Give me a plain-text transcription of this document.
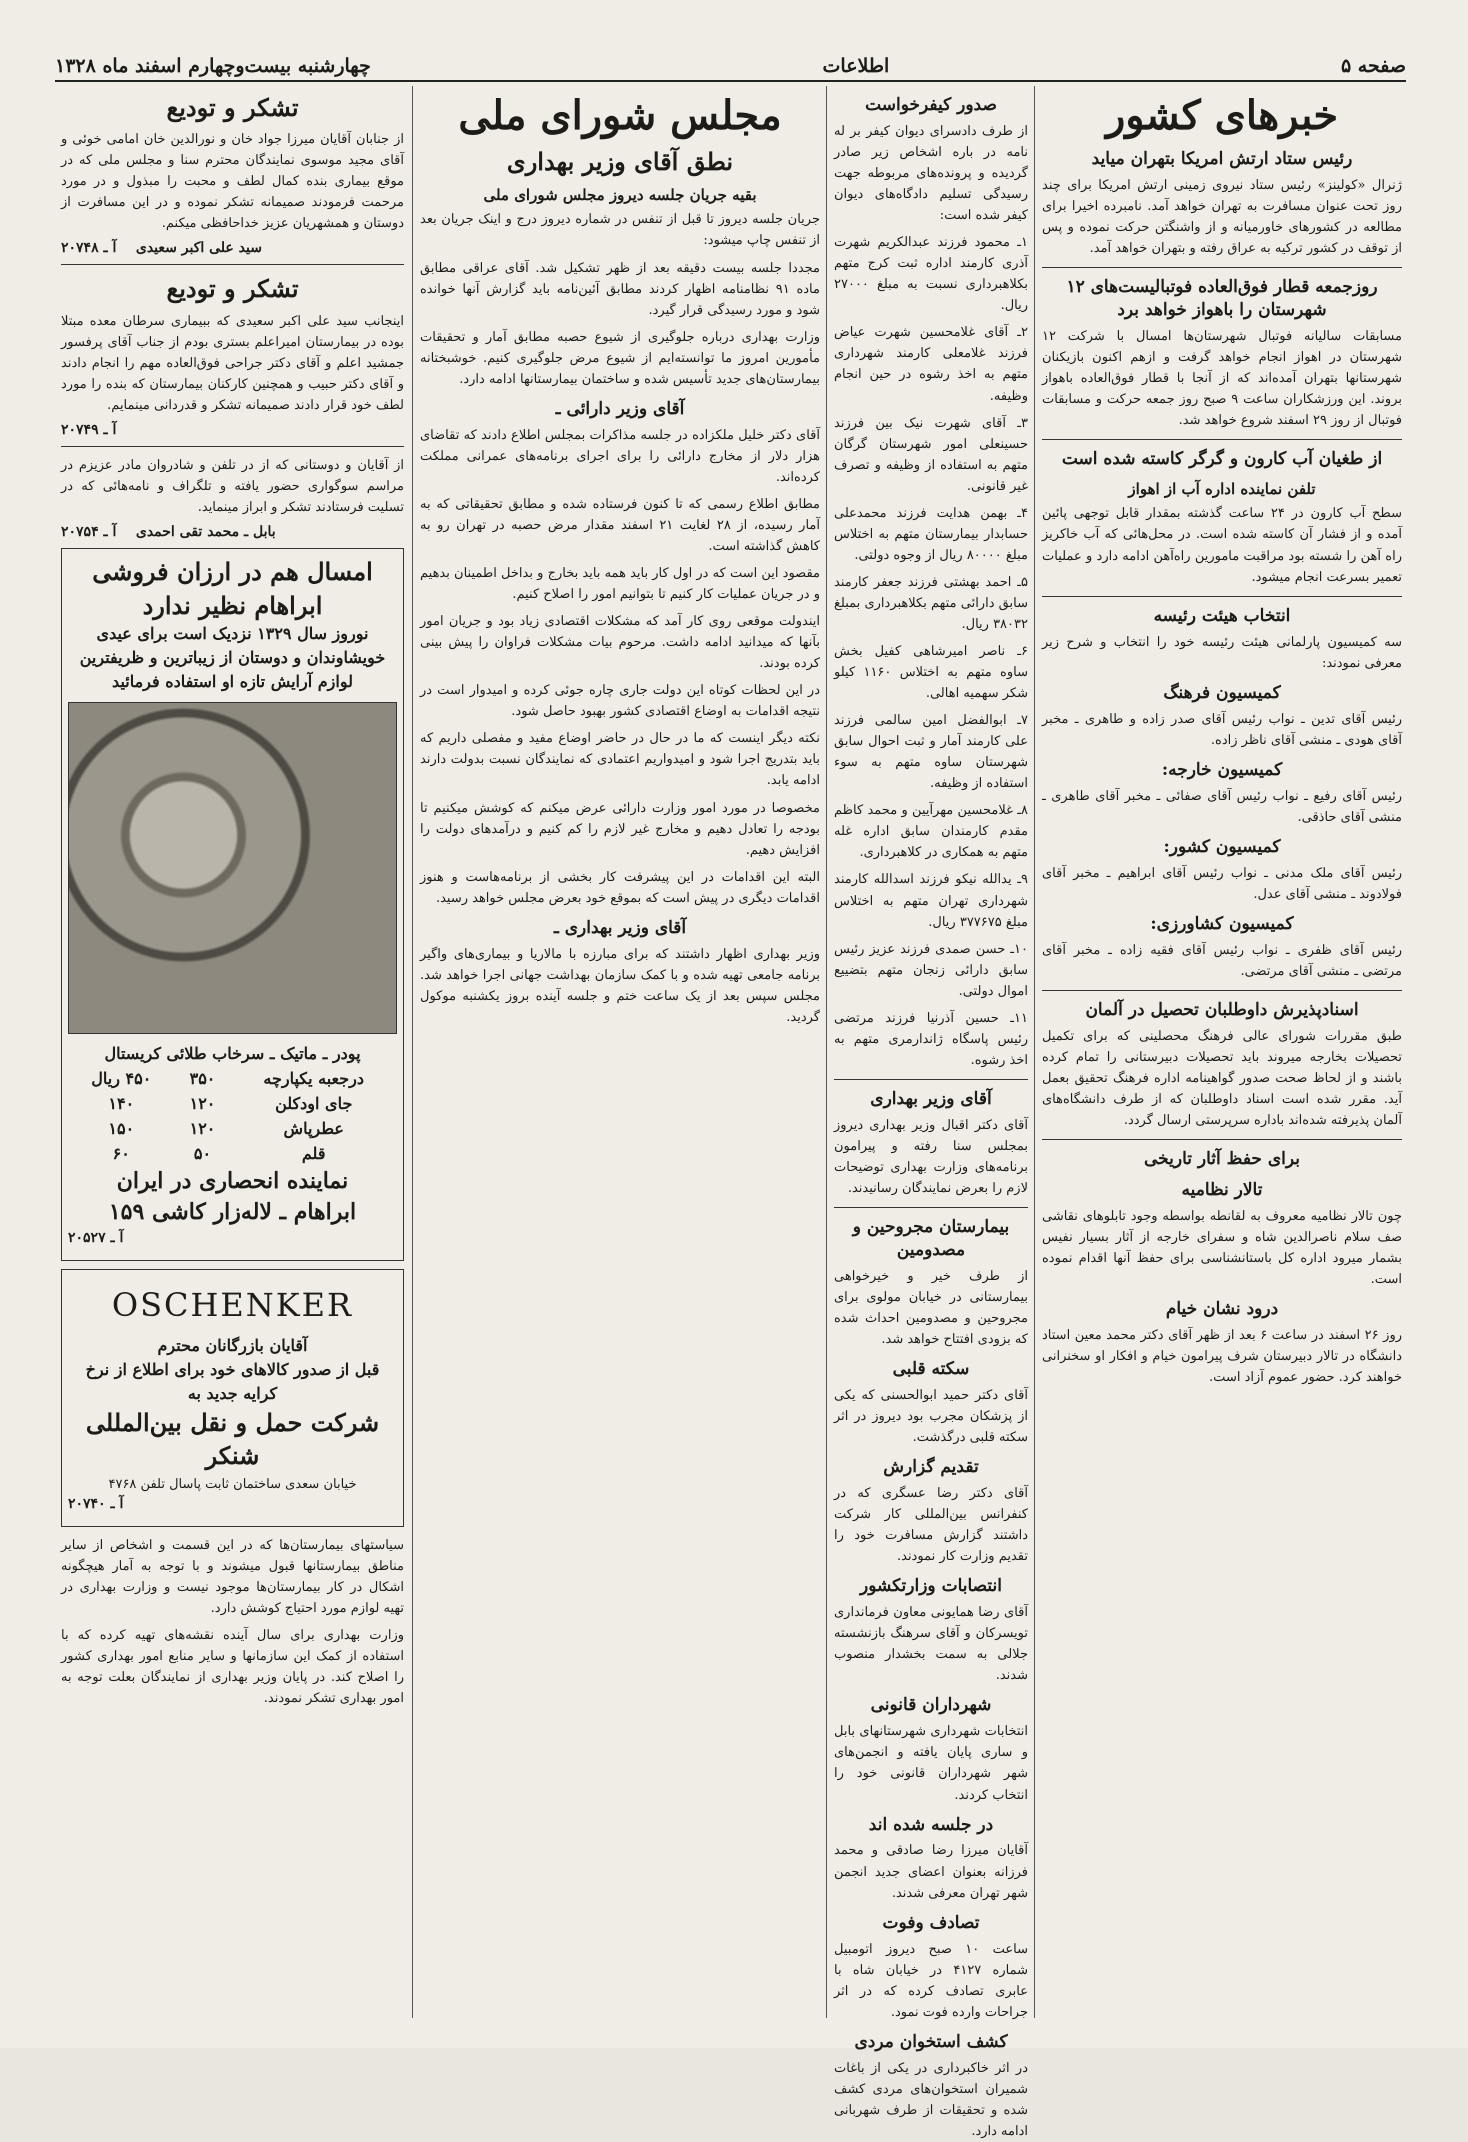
صفحه ۵
اطلاعات
چهارشنبه بیست‌وچهارم اسفند ماه ۱۳۲۸
خبرهای کشور
رئیس ستاد ارتش امریکا بتهران میاید

ژنرال «کولینز» رئیس ستاد نیروی زمینی ارتش امریکا برای چند روز تحت عنوان مسافرت به تهران خواهد آمد. نامبرده اخیرا برای مطالعه در کشورهای خاورمیانه و از واشنگتن حرکت نموده و پس از توقف در کشور ترکیه به عراق رفته و بتهران خواهد آمد.

روزجمعه قطار فوق‌العاده فوتبالیست‌های ۱۲ شهرستان را باهواز خواهد برد

مسابقات سالیانه فوتبال شهرستان‌ها امسال با شرکت ۱۲ شهرستان در اهواز انجام خواهد گرفت و ازهم اکنون بازیکنان شهرستانها بتهران آمده‌اند که از آنجا با قطار فوق‌العاده باهواز بروند. این ورزشکاران ساعت ۹ صبح روز جمعه حرکت و مسابقات فوتبال از روز ۲۹ اسفند شروع خواهد شد.

از طغیان آب کارون و گرگر کاسته شده است
تلفن نماینده اداره آب از اهواز

سطح آب کارون در ۲۴ ساعت گذشته بمقدار قابل توجهی پائین آمده و از فشار آن کاسته شده است. در محل‌هائی که آب خاکریز راه آهن را شسته بود مراقبت مامورین راه‌آهن ادامه دارد و عملیات تعمیر بسرعت انجام میشود.

انتخاب هیئت رئیسه

سه کمیسیون پارلمانی هیئت رئیسه خود را انتخاب و شرح زیر معرفی نمودند:

کمیسیون فرهنگ

رئیس آقای تدین ـ نواب رئیس آقای صدر زاده و طاهری ـ مخبر آقای هودی ـ منشی آقای ناظر زاده.

کمیسیون خارجه:

رئیس آقای رفیع ـ نواب رئیس آقای صفائی ـ مخبر آقای طاهری ـ منشی آقای حاذقی.

کمیسیون کشور:

رئیس آقای ملک مدنی ـ نواب رئیس آقای ابراهیم ـ مخبر آقای فولادوند ـ منشی آقای عدل.

کمیسیون کشاورزی:

رئیس آقای ظفری ـ نواب رئیس آقای فقیه زاده ـ مخبر آقای مرتضی ـ منشی آقای مرتضی.

اسنادپذیرش داوطلبان تحصیل در آلمان

طبق مقررات شورای عالی فرهنگ محصلینی که برای تکمیل تحصیلات بخارجه میروند باید تحصیلات دبیرستانی را تمام کرده باشند و از لحاظ صحت صدور گواهینامه اداره فرهنگ تحقیق بعمل آید. مقرر شده است اسناد داوطلبان که از طرف دانشگاه‌های آلمان پذیرفته شده‌اند باداره سرپرستی ارسال گردد.

برای حفظ آثار تاریخی
تالار نظامیه

چون تالار نظامیه معروف به لقانطه بواسطه وجود تابلوهای نقاشی صف سلام ناصرالدین شاه و سفرای خارجه از آثار بسیار نفیس بشمار میرود اداره کل باستانشناسی برای حفظ آنها اقدام نموده است.

درود نشان خیام

روز ۲۶ اسفند در ساعت ۶ بعد از ظهر آقای دکتر محمد معین استاد دانشگاه در تالار دبیرستان شرف پیرامون خیام و افکار او سخنرانی خواهند کرد. حضور عموم آزاد است.

صدور کیفرخواست

از طرف دادسرای دیوان کیفر بر له نامه در باره اشخاص زیر صادر گردیده و پرونده‌های مربوطه جهت رسیدگی تسلیم دادگاه‌های دیوان کیفر شده است:

۱ـ محمود فرزند عبدالکریم شهرت آذری کارمند اداره ثبت کرج متهم بکلاهبرداری نسبت به مبلغ ۲۷۰۰۰ ریال.

۲ـ آقای غلامحسین شهرت عیاض فرزند غلامعلی کارمند شهرداری متهم به اخذ رشوه در حین انجام وظیفه.

۳ـ آقای شهرت نیک بین فرزند حسینعلی امور شهرستان گرگان متهم به استفاده از وظیفه و تصرف غیر قانونی.

۴ـ بهمن هدایت فرزند محمدعلی حسابدار بیمارستان متهم به اختلاس مبلغ ۸۰۰۰۰ ریال از وجوه دولتی.

۵ـ احمد بهشتی فرزند جعفر کارمند سابق دارائی متهم بکلاهبرداری بمبلغ ۳۸۰۳۲ ریال.

۶ـ ناصر امیرشاهی کفیل بخش ساوه متهم به اختلاس ۱۱۶۰ کیلو شکر سهمیه اهالی.

۷ـ ابوالفضل امین سالمی فرزند علی کارمند آمار و ثبت احوال سابق شهرستان ساوه متهم به سوء استفاده از وظیفه.

۸ـ غلامحسین مهرآیین و محمد کاظم مقدم کارمندان سابق اداره غله متهم به همکاری در کلاهبرداری.

۹ـ یدالله نیکو فرزند اسدالله کارمند شهرداری تهران متهم به اختلاس مبلغ ۳۷۷۶۷۵ ریال.

۱۰ـ حسن صمدی فرزند عزیز رئیس سابق دارائی زنجان متهم بتضییع اموال دولتی.

۱۱ـ حسین آذرنیا فرزند مرتضی رئیس پاسگاه ژاندارمری متهم به اخذ رشوه.

آقای وزیر بهداری

آقای دکتر اقبال وزیر بهداری دیروز بمجلس سنا رفته و پیرامون برنامه‌های وزارت بهداری توضیحات لازم را بعرض نمایندگان رسانیدند.

بیمارستان مجروحین و مصدومین

از طرف خیر و خیرخواهی بیمارستانی در خیابان مولوی برای مجروحین و مصدومین احداث شده که بزودی افتتاح خواهد شد.

سکته قلبی

آقای دکتر حمید ابوالحسنی که یکی از پزشکان مجرب بود دیروز در اثر سکته قلبی درگذشت.

تقدیم گزارش

آقای دکتر رضا عسگری که در کنفرانس بین‌المللی کار شرکت داشتند گزارش مسافرت خود را تقدیم وزارت کار نمودند.

انتصابات وزارتکشور

آقای رضا همایونی معاون فرمانداری تویسرکان و آقای سرهنگ بازنشسته جلالی به سمت بخشدار منصوب شدند.

شهرداران قانونی

انتخابات شهرداری شهرستانهای بابل و ساری پایان یافته و انجمن‌های شهر شهرداران قانونی خود را انتخاب کردند.

در جلسه شده اند

آقایان میرزا رضا صادقی و محمد فرزانه بعنوان اعضای جدید انجمن شهر تهران معرفی شدند.

تصادف وفوت

ساعت ۱۰ صبح دیروز اتومبیل شماره ۴۱۲۷ در خیابان شاه با عابری تصادف کرده که در اثر جراحات وارده فوت نمود.

کشف استخوان مردی

در اثر خاکبرداری در یکی از باغات شمیران استخوان‌های مردی کشف شده و تحقیقات از طرف شهربانی ادامه دارد.

مجلس شورای ملی
نطق آقای وزیر بهداری
بقیه جریان جلسه دیروز مجلس شورای ملی

جریان جلسه دیروز تا قبل از تنفس در شماره دیروز درج و اینک جریان بعد از تنفس چاپ میشود:

مجددا جلسه بیست دقیقه بعد از ظهر تشکیل شد. آقای عراقی مطابق ماده ۹۱ نظامنامه اظهار کردند مطابق آئین‌نامه باید گزارش آنها خوانده شود و مورد رسیدگی قرار گیرد.

وزارت بهداری درباره جلوگیری از شیوع حصبه مطابق آمار و تحقیقات مأمورین امروز ما توانسته‌ایم از شیوع مرض جلوگیری کنیم. خوشبختانه بیمارستان‌های جدید تأسیس شده و ساختمان بیمارستانها ادامه دارد.

آقای وزیر دارائی ـ

آقای دکتر خلیل ملکزاده در جلسه مذاکرات بمجلس اطلاع دادند که تقاضای هزار دلار از مخارج دارائی را برای اجرای برنامه‌های عمرانی مملکت کرده‌اند.

مطابق اطلاع رسمی که تا کنون فرستاده شده و مطابق تحقیقاتی که به آمار رسیده، از ۲۸ لغایت ۲۱ اسفند مقدار مرض حصبه در تهران رو به کاهش گذاشته است.

مقصود این است که در اول کار باید همه باید بخارج و بداخل اطمینان بدهیم و در جریان عملیات کار کنیم تا بتوانیم امور را اصلاح کنیم.

ایندولت موقعی روی کار آمد که مشکلات اقتصادی زیاد بود و جریان امور بآنها که میدانید ادامه داشت. مرحوم بیات مشکلات فراوان را پیش بینی کرده بودند.

در این لحظات کوتاه این دولت جاری چاره جوئی کرده و امیدوار است در نتیجه اقدامات به اوضاع اقتصادی کشور بهبود حاصل شود.

نکته دیگر اینست که ما در حال در حاضر اوضاع مفید و مفصلی داریم که باید بتدریج اجرا شود و امیدواریم اعتمادی که نمایندگان نسبت بدولت دارند ادامه یابد.

مخصوصا در مورد امور وزارت دارائی عرض میکنم که کوشش میکنیم تا بودجه را تعادل دهیم و مخارج غیر لازم را کم کنیم و درآمدهای دولت را افزایش دهیم.

البته این اقدامات در این پیشرفت کار بخشی از برنامه‌هاست و هنوز اقدامات دیگری در پیش است که بموقع خود بعرض مجلس خواهد رسید.

آقای وزیر بهداری ـ

وزیر بهداری اظهار داشتند که برای مبارزه با مالاریا و بیماری‌های واگیر برنامه جامعی تهیه شده و با کمک سازمان بهداشت جهانی اجرا خواهد شد. مجلس سپس بعد از یک ساعت ختم و جلسه آینده بروز یکشنبه موکول گردید.

تشکر و تودیع

از جنابان آقایان میرزا جواد خان و نورالدین خان امامی خوئی و آقای مجید موسوی نمایندگان محترم سنا و مجلس ملی که در موقع بیماری بنده کمال لطف و محبت را مبذول و در مورد مرحمت فرمودند صمیمانه تشکر نموده و در این مسافرت از دوستان و همشهریان عزیز خداحافظی میکنم.

سید علی اکبر سعیدی    آ ـ ۲۰۷۴۸
تشکر و تودیع

اینجانب سید علی اکبر سعیدی که ببیماری سرطان معده مبتلا بوده در بیمارستان امیراعلم بستری بودم از جناب آقای پرفسور جمشید اعلم و آقای دکتر جراحی فوق‌العاده مهم را انجام دادند و آقای دکتر حبیب و همچنین کارکنان بیمارستان که بنده را مورد لطف خود قرار دادند صمیمانه تشکر و قدردانی مینمایم.

آ ـ ۲۰۷۴۹

از آقایان و دوستانی که از در تلفن و شادروان مادر عزیزم در مراسم سوگواری حضور یافته و تلگراف و نامه‌هائی که در تسلیت فرستادند تشکر و ابراز مینماید.

بابل ـ محمد تقی احمدی    آ ـ ۲۰۷۵۴
امسال هم در ارزان فروشی ابراهام نظیر ندارد
نوروز سال ۱۳۲۹ نزدیک است برای عیدی خویشاوندان و دوستان از زیباترین و ظریفترین لوازم آرایش تازه او استفاده فرمائید
پودر ـ ماتیک ـ سرخاب طلائی کریستال
درجعبه یکپارچه	۳۵۰	۴۵۰ ریال
جای اودکلن	۱۲۰	۱۴۰
عطرپاش	۱۲۰	۱۵۰
قلم	۵۰	۶۰
نماینده انحصاری در ایران
ابراهام ـ لاله‌زار کاشی ۱۵۹
آ ـ ۲۰۵۲۷
OSCHENKER
آقایان بازرگانان محترم
قبل از صدور کالاهای خود برای اطلاع از نرخ کرایه جدید به
شرکت حمل و نقل بین‌المللی شنکر
خیابان سعدی ساختمان ثابت پاسال تلفن ۴۷۶۸
آ ـ ۲۰۷۴۰

سیاستهای بیمارستان‌ها که در این قسمت و اشخاص از سایر مناطق بیمارستانها قبول میشوند و با توجه به آمار هیچگونه اشکال در کار بیمارستان‌ها موجود نیست و وزارت بهداری در تهیه لوازم مورد احتیاج کوشش دارد.

وزارت بهداری برای سال آینده نقشه‌های تهیه کرده که با استفاده از کمک این سازمانها و سایر منابع امور بهداری کشور را اصلاح کند. در پایان وزیر بهداری از نمایندگان بعلت توجه به امور بهداری تشکر نمودند.
